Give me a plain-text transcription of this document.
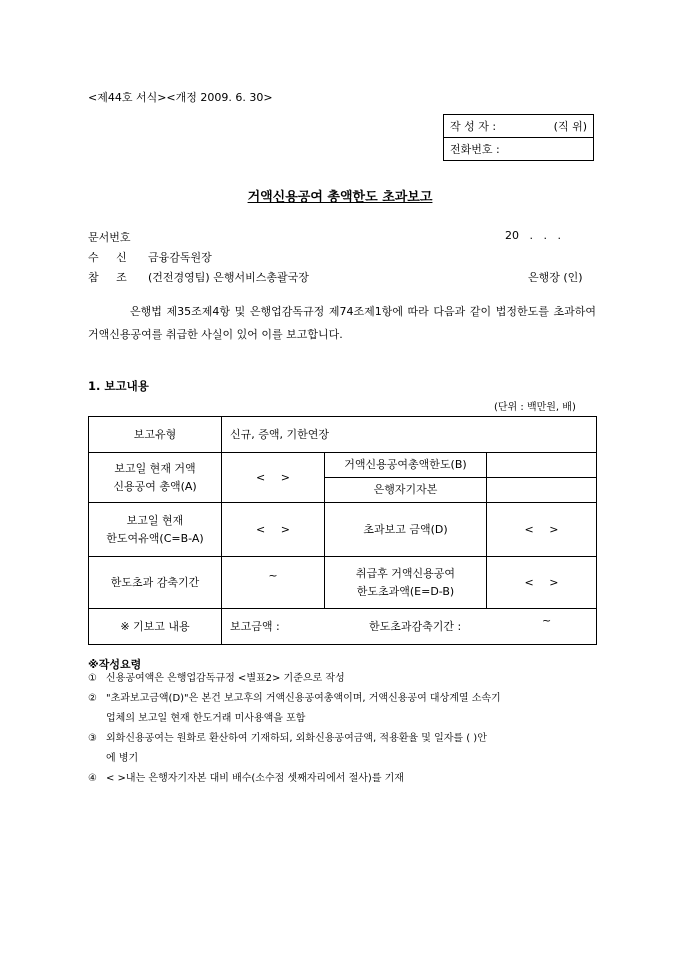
<제44호 서식><개정 2009. 6. 30>
작 성 자 :	(직 위)

전화번호 :
거액신용공여 총액한도 초과보고
문서번호	20   .   .   .
수     신 금융감독원장
참     조 (건전경영팀) 은행서비스총괄국장	은행장 (인)
은행법 제35조제4항 및 은행업감독규정 제74조제1항에 따라 다음과 같이 법정한도를 초과하여 거액신용공여를 취급한 사실이 있어 이를 보고합니다.
1. 보고내용
(단위 : 백만원, 배)
보고유형	신규, 증액, 기한연장		
보고일 현재 거액
신용공여 총액(A)	< >	거액신용공여총액한도(B)	
		은행자기자본	
보고일 현재
한도여유액(C=B-A)	< >	초과보고 금액(D)	< >

한도초과 감축기간	~	취급후 거액신용공여
한도초과액(E=D-B)	< >

※ 기보고 내용	보고금액 : 한도초과감축기간 : ~		
※작성요령
① 신용공여액은 은행업감독규정 <별표2> 기준으로 작성
② "초과보고금액(D)"은 본건 보고후의 거액신용공여총액이며, 거액신용공여 대상계열 소속기
업체의 보고일 현재 한도거래 미사용액을 포함
③ 외화신용공여는 원화로 환산하여 기재하되, 외화신용공여금액, 적용환율 및 일자를 ( )안
에 병기
④ < >내는 은행자기자본 대비 배수(소수점 셋째자리에서 절사)를 기재
